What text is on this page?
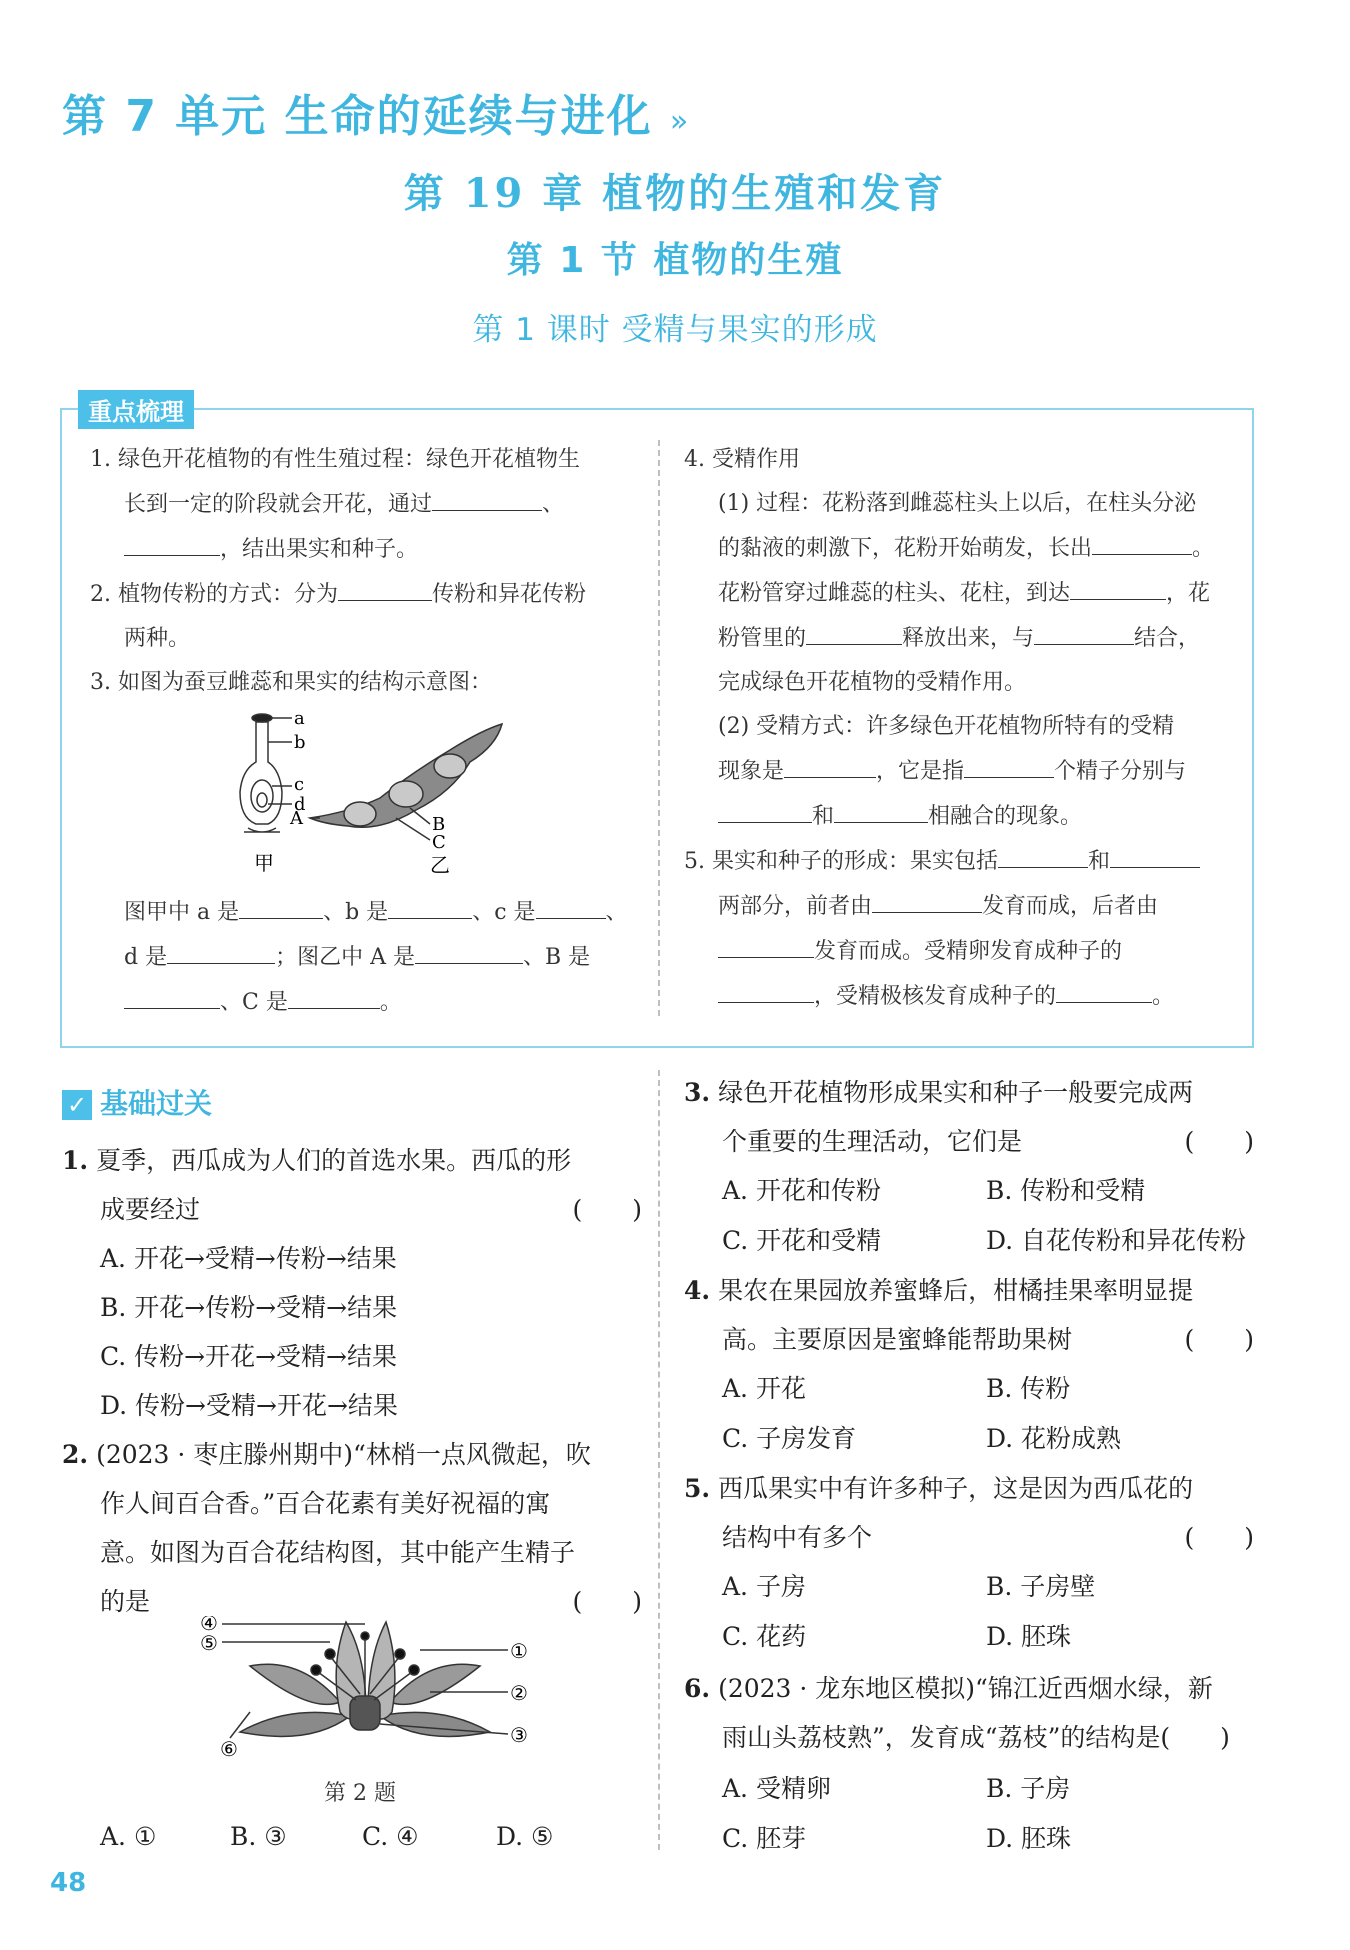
第 7 单元 生命的延续与进化 »
第 19 章 植物的生殖和发育
第 1 节 植物的生殖
第 1 课时 受精与果实的形成
重点梳理
1. 绿色开花植物的有性生殖过程：绿色开花植物生
长到一定的阶段就会开花，通过	、
，结出果实和种子。
2. 植物传粉的方式：分为	传粉和异花传粉
两种。
3. 如图为蚕豆雌蕊和果实的结构示意图：
a
b
c
d
甲
A	B
C
乙
图甲中 a 是	、b 是	、c 是	、
d 是	；图乙中 A 是	、B 是
、C 是	。
4. 受精作用
(1) 过程：花粉落到雌蕊柱头上以后，在柱头分泌
的黏液的刺激下，花粉开始萌发，长出	。
花粉管穿过雌蕊的柱头、花柱，到达	，花
粉管里的	释放出来，与	结合，
完成绿色开花植物的受精作用。
(2) 受精方式：许多绿色开花植物所特有的受精
现象是	，它是指	个精子分别与
和	相融合的现象。
5. 果实和种子的形成：果实包括	和
两部分，前者由	发育而成，后者由
发育而成。受精卵发育成种子的
，受精极核发育成种子的	。
✓ 基础过关
1. 夏季，西瓜成为人们的首选水果。西瓜的形
成要经过	(　　)
A. 开花→受精→传粉→结果
B. 开花→传粉→受精→结果
C. 传粉→开花→受精→结果
D. 传粉→受精→开花→结果
2. (2023 · 枣庄滕州期中)“林梢一点风微起，吹
作人间百合香。”百合花素有美好祝福的寓
意。如图为百合花结构图，其中能产生精子
的是	(　　)
④
⑤	①
②
③
⑥
第 2 题
A. ①	B. ③	C. ④	D. ⑤
3. 绿色开花植物形成果实和种子一般要完成两
个重要的生理活动，它们是	(　　)
A. 开花和传粉	B. 传粉和受精
C. 开花和受精	D. 自花传粉和异花传粉
4. 果农在果园放养蜜蜂后，柑橘挂果率明显提
高。主要原因是蜜蜂能帮助果树	(　　)
A. 开花	B. 传粉
C. 子房发育	D. 花粉成熟
5. 西瓜果实中有许多种子，这是因为西瓜花的
结构中有多个	(　　)
A. 子房	B. 子房壁
C. 花药	D. 胚珠
6. (2023 · 龙东地区模拟)“锦江近西烟水绿，新
雨山头荔枝熟”，发育成“荔枝”的结构是(　　)
A. 受精卵	B. 子房
C. 胚芽	D. 胚珠
48
